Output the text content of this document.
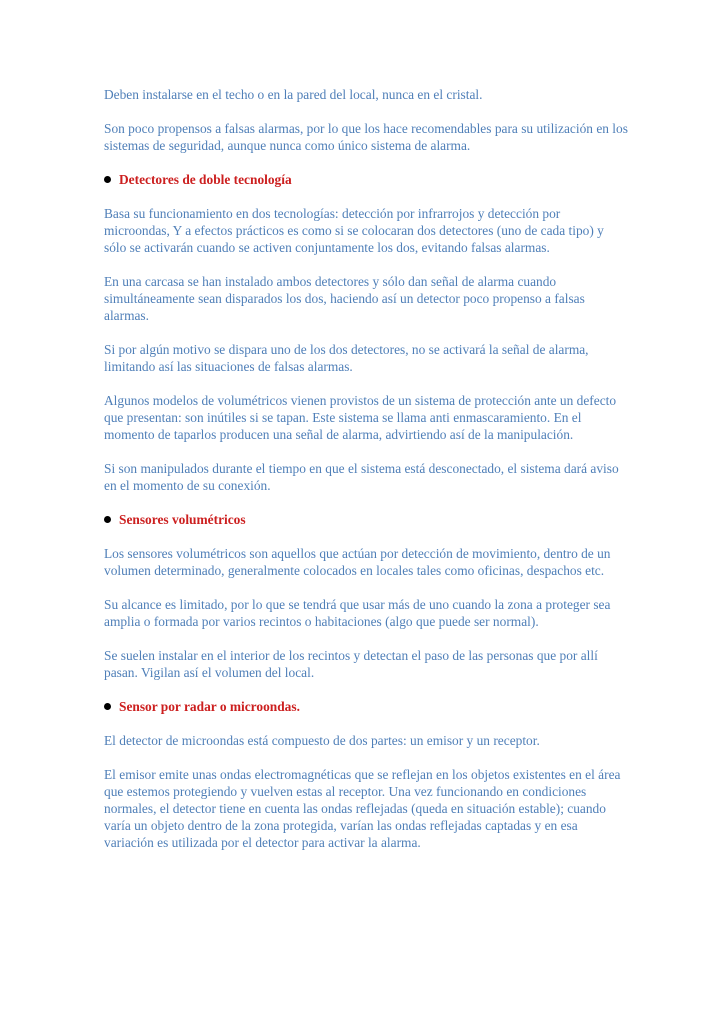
Deben instalarse en el techo o en la pared del local, nunca en el cristal.

Son poco propensos a falsas alarmas, por lo que los hace recomendables para su utilización en los sistemas de seguridad, aunque nunca como único sistema de alarma.

Detectores de doble tecnología

Basa su funcionamiento en dos tecnologías: detección por infrarrojos y detección por microondas, Y a efectos prácticos es como si se colocaran dos detectores (uno de cada tipo) y sólo se activarán cuando se activen conjuntamente los dos, evitando falsas alarmas.

En una carcasa se han instalado ambos detectores y sólo dan señal de alarma cuando simultáneamente sean disparados los dos, haciendo así un detector poco propenso a falsas alarmas.

Si por algún motivo se dispara uno de los dos detectores, no se activará la señal de alarma, limitando así las situaciones de falsas alarmas.

Algunos modelos de volumétricos vienen provistos de un sistema de protección ante un defecto que presentan: son inútiles si se tapan. Este sistema se llama anti enmascaramiento. En el momento de taparlos producen una señal de alarma, advirtiendo así de la manipulación.

Si son manipulados durante el tiempo en que el sistema está desconectado, el sistema dará aviso en el momento de su conexión.

Sensores volumétricos

Los sensores volumétricos son aquellos que actúan por detección de movimiento, dentro de un volumen determinado, generalmente colocados en locales tales como oficinas, despachos etc.

Su alcance es limitado, por lo que se tendrá que usar más de uno cuando la zona a proteger sea amplia o formada por varios recintos o habitaciones (algo que puede ser normal).

Se suelen instalar en el interior de los recintos y detectan el paso de las personas que por allí pasan. Vigilan así el volumen del local.

Sensor por radar o microondas.

El detector de microondas está compuesto de dos partes: un emisor y un receptor.

El emisor emite unas ondas electromagnéticas que se reflejan en los objetos existentes en el área que estemos protegiendo y vuelven estas al receptor. Una vez funcionando en condiciones normales, el detector tiene en cuenta las ondas reflejadas (queda en situación estable); cuando varía un objeto dentro de la zona protegida, varían las ondas reflejadas captadas y en esa variación es utilizada por el detector para activar la alarma.
